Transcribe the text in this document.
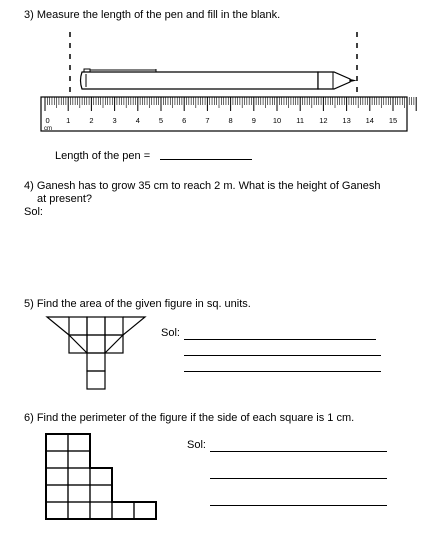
3) Measure the length of the pen and fill in the blank.
0 1	2	3	4	5	6	7	8	9 10 11 12 13 14 15
cm
Length of the pen =
4) Ganesh has to grow 35 cm to reach 2 m. What is the height of Ganesh
at present?
Sol:
5) Find the area of the given figure in sq. units.
Sol:
6) Find the perimeter of the figure if the side of each square is 1 cm.
Sol:
